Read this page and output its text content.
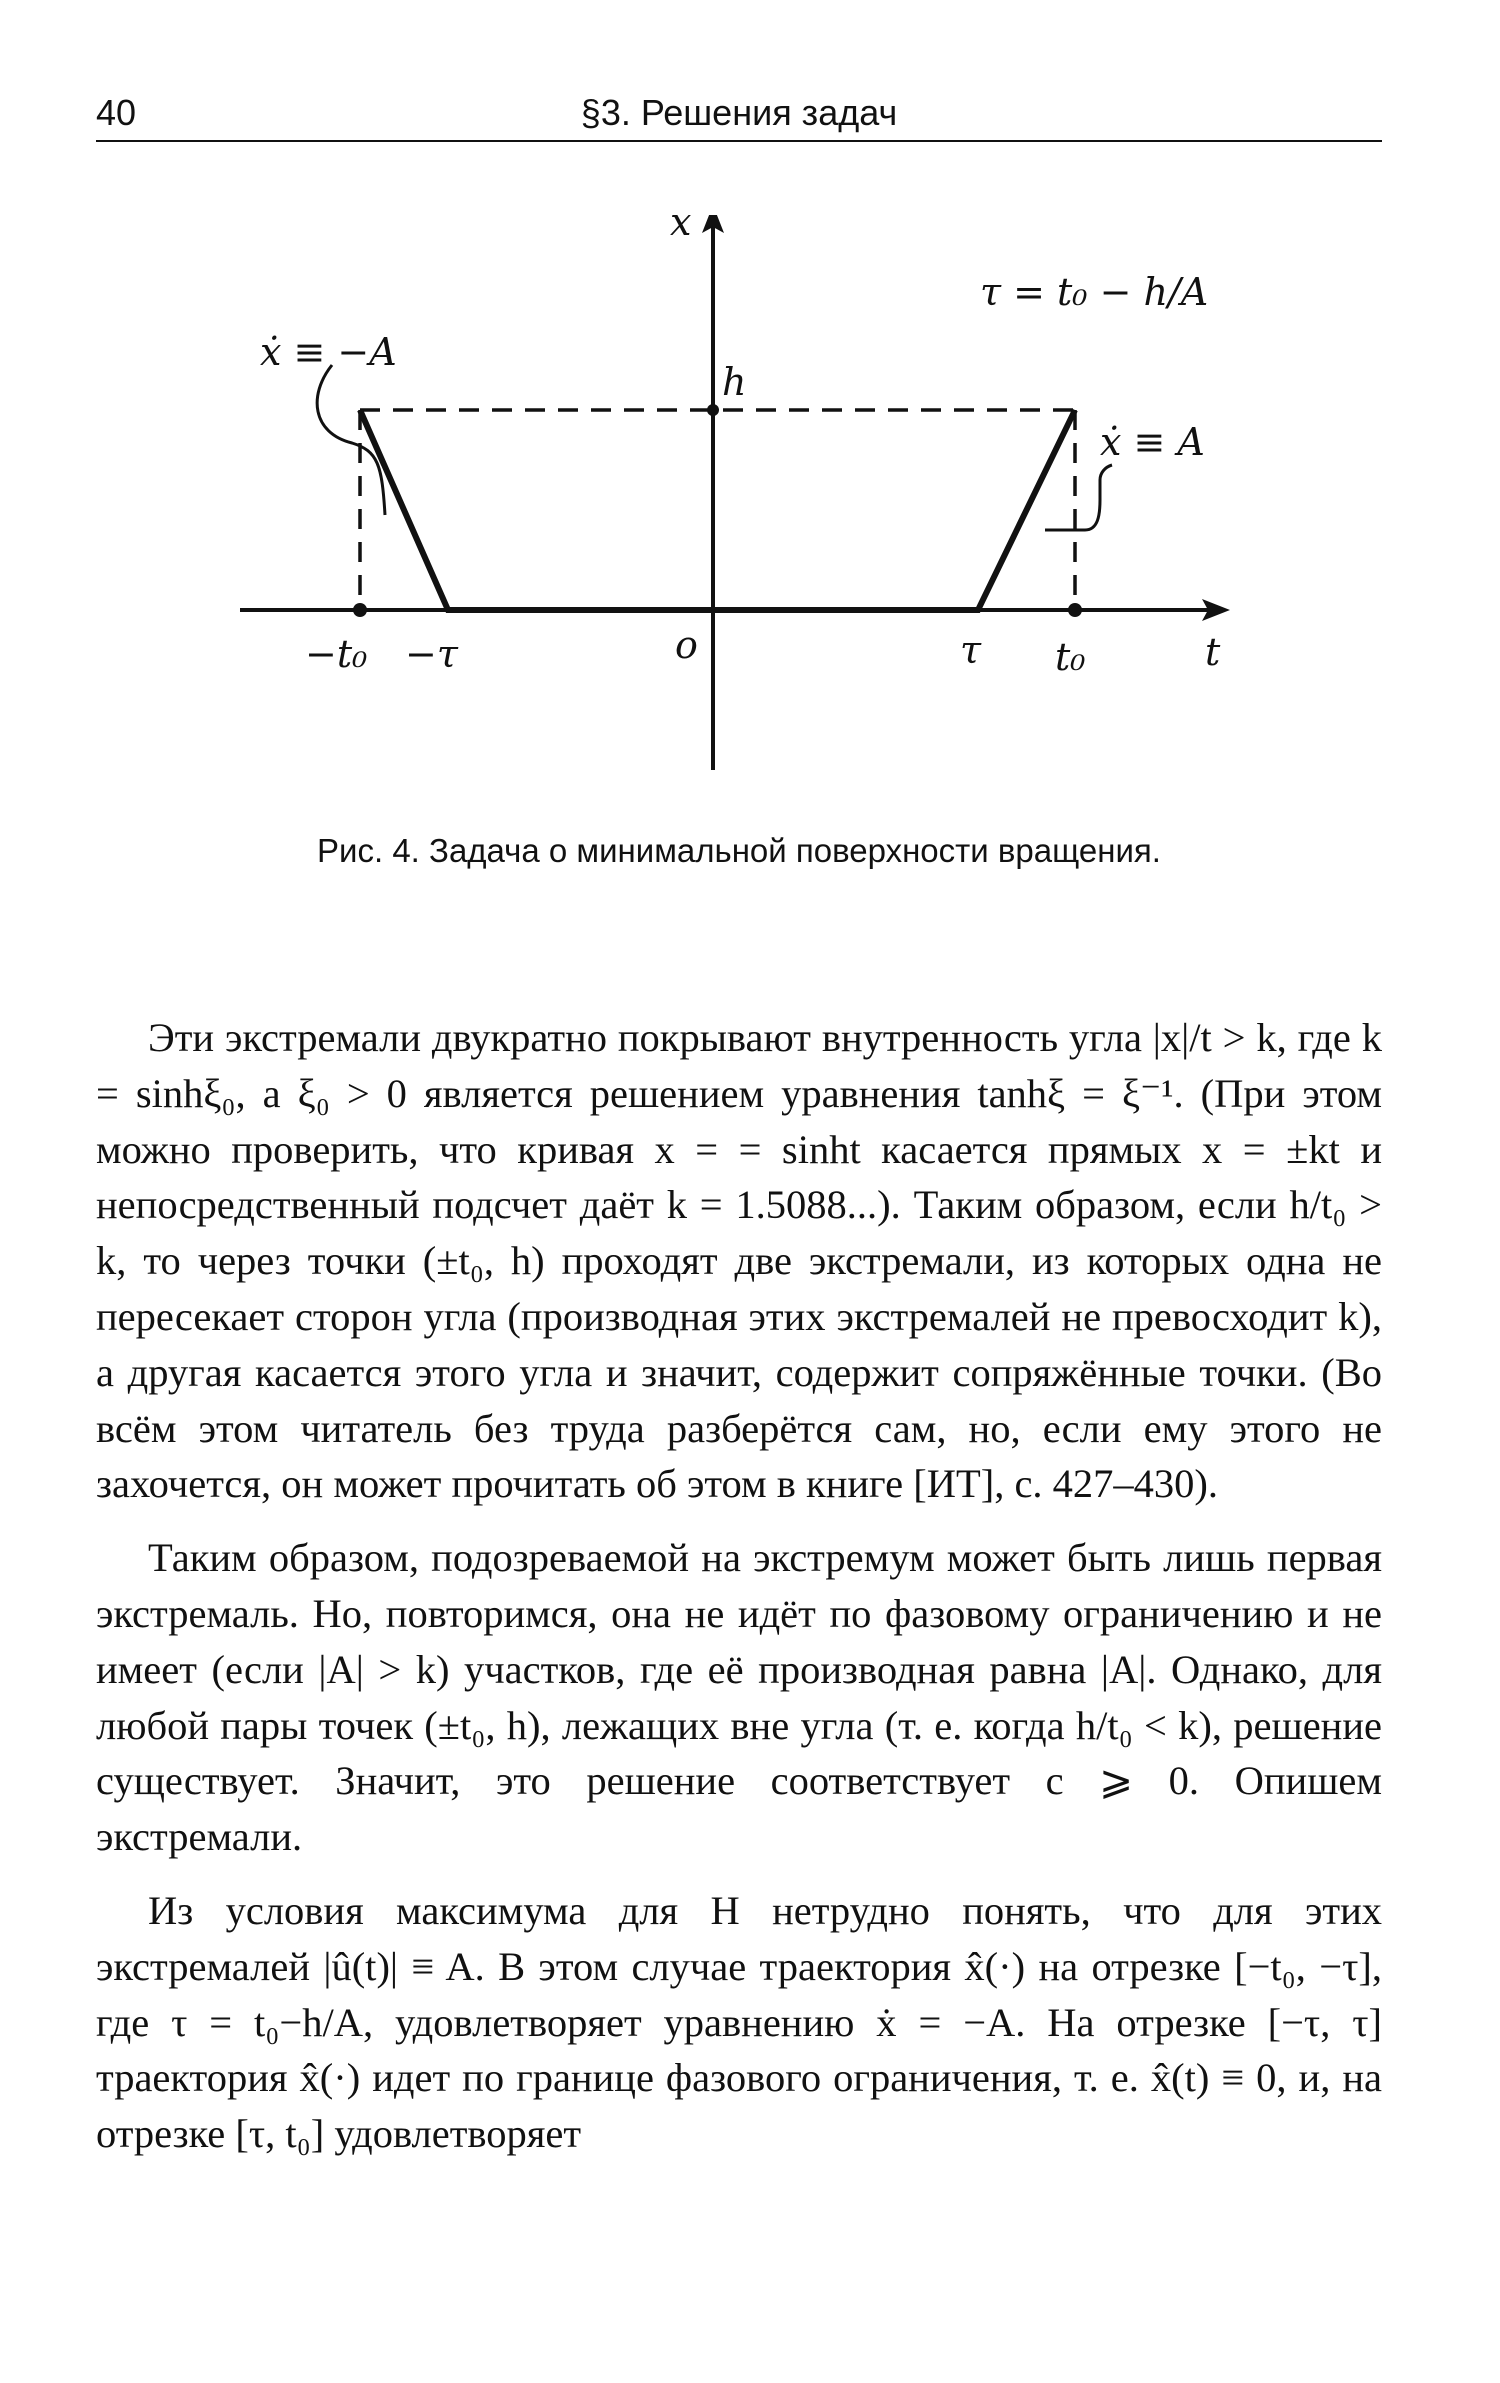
40	§3. Решения задач
x
t
o
h
−t₀ −τ	τ t₀
ẋ ≡ −A
ẋ ≡ A
τ = t₀ − h/A
Рис. 4. Задача о минимальной поверхности вращения.

Эти экстремали двукратно покрывают внутренность угла |x|/t > k, где k = sinhξ₀, а ξ₀ > 0 является решением уравнения tanhξ = ξ⁻¹. (При этом можно проверить, что кривая x = = sinht касается прямых x = ±kt и непосредственный подсчет даёт k = 1.5088...). Таким образом, если h/t₀ > k, то через точки (±t₀, h) проходят две экстремали, из которых одна не пересекает сторон угла (производная этих экстремалей не превосходит k), а другая касается этого угла и значит, содержит сопряжённые точки. (Во всём этом читатель без труда разберётся сам, но, если ему этого не захочется, он может прочитать об этом в книге [ИТ], с. 427–430).

Таким образом, подозреваемой на экстремум может быть лишь первая экстремаль. Но, повторимся, она не идёт по фазовому ограничению и не имеет (если |A| > k) участков, где её производная равна |A|. Однако, для любой пары точек (±t₀, h), лежащих вне угла (т. е. когда h/t₀ < k), решение существует. Значит, это решение соответствует c ⩾ 0. Опишем экстремали.

Из условия максимума для H нетрудно понять, что для этих экстремалей |û(t)| ≡ A. В этом случае траектория x̂(·) на отрезке [−t₀, −τ], где τ = t₀−h/A, удовлетворяет уравнению ẋ = −A. На отрезке [−τ, τ] траектория x̂(·) идет по границе фазового ограничения, т. е. x̂(t) ≡ 0, и, на отрезке [τ, t₀] удовлетворяет
